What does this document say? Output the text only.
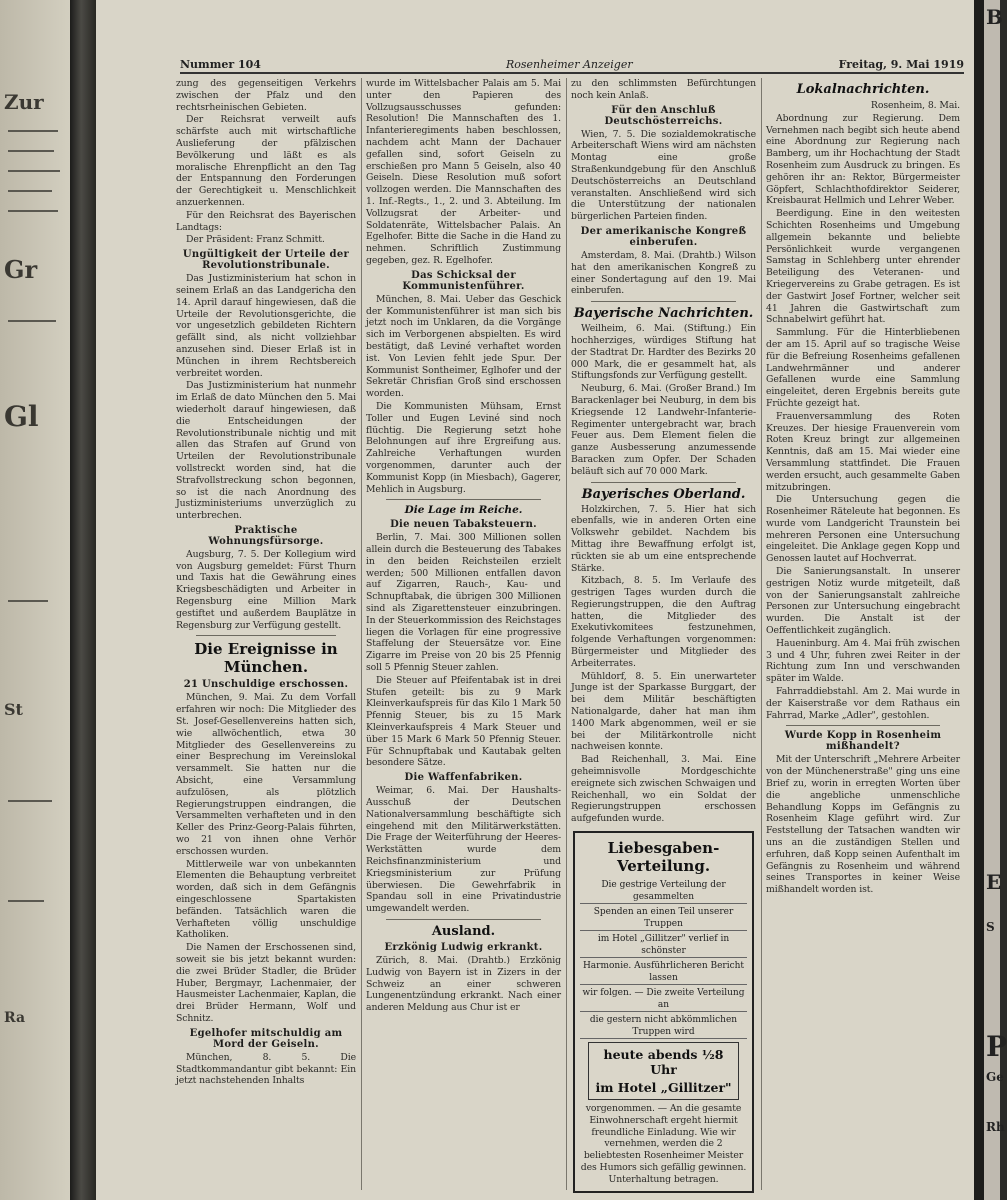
Zur
Gr
Gl
St
Ra
Nummer 104	Rosenheimer Anzeiger	Freitag, 9. Mai 1919

zung des gegenseitigen Verkehrs zwischen der Pfalz und den rechtsrheinischen Gebieten.

Der Reichsrat verweilt aufs schärfste auch mit wirtschaftliche Auslieferung der pfälzischen Bevölkerung und läßt es als moralische Ehrenpflicht an den Tag der Entspannung den Forderungen der Gerechtigkeit u. Menschlichkeit anzuerkennen.

Für den Reichsrat des Bayerischen Landtags:

Der Präsident: Franz Schmitt.

Ungültigkeit der Urteile der Revolutionstribunale.

Das Justizministerium hat schon in seinem Erlaß an das Landgericha den 14. April darauf hingewiesen, daß die Urteile der Revolutionsgerichte, die vor ungesetzlich gebildeten Richtern gefällt sind, als nicht vollziehbar anzusehen sind. Dieser Erlaß ist in München in ihrem Rechtsbereich verbreitet worden.

Das Justizministerium hat nunmehr im Erlaß de dato München den 5. Mai wiederholt darauf hingewiesen, daß die Entscheidungen der Revolutionstribunale nichtig und mit allen das Strafen auf Grund von Urteilen der Revolutionstribunale vollstreckt worden sind, hat die Strafvollstreckung schon begonnen, so ist die nach Anordnung des Justizministeriums unverzüglich zu unterbrechen.

Praktische Wohnungsfürsorge.

Augsburg, 7. 5. Der Kollegium wird von Augsburg gemeldet: Fürst Thurn und Taxis hat die Gewährung eines Kriegsbeschädigten und Arbeiter in Regensburg eine Million Mark gestiftet und außerdem Bauplätze in Regensburg zur Verfügung gestellt.

Die Ereignisse in München.
21 Unschuldige erschossen.

München, 9. Mai. Zu dem Vorfall erfahren wir noch: Die Mitglieder des St. Josef-Gesellenvereins hatten sich, wie allwöchentlich, etwa 30 Mitglieder des Gesellenvereins zu einer Besprechung im Vereinslokal versammelt. Sie hatten nur die Absicht, eine Versammlung aufzulösen, als plötzlich Regierungstruppen eindrangen, die Versammelten verhafteten und in den Keller des Prinz-Georg-Palais führten, wo 21 von ihnen ohne Verhör erschossen wurden.

Mittlerweile war von unbekannten Elementen die Behauptung verbreitet worden, daß sich in dem Gefängnis eingeschlossene Spartakisten befänden. Tatsächlich waren die Verhafteten völlig unschuldige Katholiken.

Die Namen der Erschossenen sind, soweit sie bis jetzt bekannt wurden: die zwei Brüder Stadler, die Brüder Huber, Bergmayr, Lachenmaier, der Hausmeister Lachenmaier, Kaplan, die drei Brüder Hermann, Wolf und Schnitz.

Egelhofer mitschuldig am Mord der Geiseln.

München, 8. 5. Die Stadtkommandantur gibt bekannt: Ein jetzt nachstehenden Inhalts

wurde im Wittelsbacher Palais am 5. Mai unter den Papieren des Vollzugsausschusses gefunden: Resolution! Die Mannschaften des 1. Infanterieregiments haben beschlossen, nachdem acht Mann der Dachauer gefallen sind, sofort Geiseln zu erschießen pro Mann 5 Geiseln, also 40 Geiseln. Diese Resolution muß sofort vollzogen werden. Die Mannschaften des 1. Inf.-Regts., 1., 2. und 3. Abteilung. Im Vollzugsrat der Arbeiter- und Soldatenräte, Wittelsbacher Palais. An Egelhofer. Bitte die Sache in die Hand zu nehmen. Schriftlich Zustimmung gegeben, gez. R. Egelhofer.

Das Schicksal der Kommunistenführer.

München, 8. Mai. Ueber das Geschick der Kommunistenführer ist man sich bis jetzt noch im Unklaren, da die Vorgänge sich im Verborgenen abspielten. Es wird bestätigt, daß Leviné verhaftet worden ist. Von Levien fehlt jede Spur. Der Kommunist Sontheimer, Eglhofer und der Sekretär Chrisfian Groß sind erschossen worden.

Die Kommunisten Mühsam, Ernst Toller und Eugen Leviné sind noch flüchtig. Die Regierung setzt hohe Belohnungen auf ihre Ergreifung aus. Zahlreiche Verhaftungen wurden vorgenommen, darunter auch der Kommunist Kopp (in Miesbach), Gagerer, Mehlich in Augsburg.

Die Lage im Reiche.
Die neuen Tabaksteuern.

Berlin, 7. Mai. 300 Millionen sollen allein durch die Besteuerung des Tabakes in den beiden Reichsteilen erzielt werden; 500 Millionen entfallen davon auf Zigarren, Rauch-, Kau- und Schnupftabak, die übrigen 300 Millionen sind als Zigarettensteuer einzubringen. In der Steuerkommission des Reichstages liegen die Vorlagen für eine progressive Staffelung der Steuersätze vor. Eine Zigarre im Preise von 20 bis 25 Pfennig soll 5 Pfennig Steuer zahlen.

Die Steuer auf Pfeifentabak ist in drei Stufen geteilt: bis zu 9 Mark Kleinverkaufspreis für das Kilo 1 Mark 50 Pfennig Steuer, bis zu 15 Mark Kleinverkaufspreis 4 Mark Steuer und über 15 Mark 6 Mark 50 Pfennig Steuer. Für Schnupftabak und Kautabak gelten besondere Sätze.

Die Waffenfabriken.

Weimar, 6. Mai. Der Haushalts-Ausschuß der Deutschen Nationalversammlung beschäftigte sich eingehend mit den Militärwerkstätten. Die Frage der Weiterführung der Heeres-Werkstätten wurde dem Reichsfinanzministerium und Kriegsministerium zur Prüfung überwiesen. Die Gewehrfabrik in Spandau soll in eine Privatindustrie umgewandelt werden.

Ausland.
Erzkönig Ludwig erkrankt.

Zürich, 8. Mai. (Drahtb.) Erzkönig Ludwig von Bayern ist in Zizers in der Schweiz an einer schweren Lungenentzündung erkrankt. Nach einer anderen Meldung aus Chur ist er

zu den schlimmsten Befürchtungen noch kein Anlaß.

Für den Anschluß Deutschösterreichs.

Wien, 7. 5. Die sozialdemokratische Arbeiterschaft Wiens wird am nächsten Montag eine große Straßenkundgebung für den Anschluß Deutschösterreichs an Deutschland veranstalten. Anschließend wird sich die Unterstützung der nationalen bürgerlichen Parteien finden.

Der amerikanische Kongreß einberufen.

Amsterdam, 8. Mai. (Drahtb.) Wilson hat den amerikanischen Kongreß zu einer Sondertagung auf den 19. Mai einberufen.

Bayerische Nachrichten.

Weilheim, 6. Mai. (Stiftung.) Ein hochherziges, würdiges Stiftung hat der Stadtrat Dr. Hardter des Bezirks 20 000 Mark, die er gesammelt hat, als Stiftungsfonds zur Verfügung gestellt.

Neuburg, 6. Mai. (Großer Brand.) Im Barackenlager bei Neuburg, in dem bis Kriegsende 12 Landwehr-Infanterie-Regimenter untergebracht war, brach Feuer aus. Dem Element fielen die ganze Ausbesserung anzumessende Baracken zum Opfer. Der Schaden beläuft sich auf 70 000 Mark.

Bayerisches Oberland.

Holzkirchen, 7. 5. Hier hat sich ebenfalls, wie in anderen Orten eine Volkswehr gebildet. Nachdem bis Mittag ihre Bewaffnung erfolgt ist, rückten sie ab um eine entsprechende Stärke.

Kitzbach, 8. 5. Im Verlaufe des gestrigen Tages wurden durch die Regierungstruppen, die den Auftrag hatten, die Mitglieder des Exekutivkomitees festzunehmen, folgende Verhaftungen vorgenommen: Bürgermeister und Mitglieder des Arbeiterrates.

Mühldorf, 8. 5. Ein unerwarteter Junge ist der Sparkasse Burggart, der bei dem Militär beschäftigten Nationalgarde, daher hat man ihm 1400 Mark abgenommen, weil er sie bei der Militärkontrolle nicht nachweisen konnte.

Bad Reichenhall, 3. Mai. Eine geheimnisvolle Mordgeschichte ereignete sich zwischen Schwaigen und Reichenhall, wo ein Soldat der Regierungstruppen erschossen aufgefunden wurde.

Liebesgaben-Verteilung.
Die gestrige Verteilung der gesammelten
Spenden an einen Teil unserer Truppen
im Hotel „Gillitzer" verlief in schönster
Harmonie. Ausführlicheren Bericht lassen
wir folgen. — Die zweite Verteilung an
die gestern nicht abkömmlichen Truppen wird
heute abends ½8 Uhr
im Hotel „Gillitzer"

vorgenommen. — An die gesamte Einwohnerschaft ergeht hiermit freundliche Einladung. Wie wir vernehmen, werden die 2 beliebtesten Rosenheimer Meister des Humors sich gefällig gewinnen. Unterhaltung betragen.

Lokalnachrichten.
Rosenheim, 8. Mai.

Abordnung zur Regierung. Dem Vernehmen nach begibt sich heute abend eine Abordnung zur Regierung nach Bamberg, um ihr Hochachtung der Stadt Rosenheim zum Ausdruck zu bringen. Es gehören ihr an: Rektor, Bürgermeister Göpfert, Schlachthofdirektor Seiderer, Kreisbaurat Hellmich und Lehrer Weber.

Beerdigung. Eine in den weitesten Schichten Rosenheims und Umgebung allgemein bekannte und beliebte Persönlichkeit wurde vergangenen Samstag in Schlehberg unter ehrender Beteiligung des Veteranen- und Kriegervereins zu Grabe getragen. Es ist der Gastwirt Josef Fortner, welcher seit 41 Jahren die Gastwirtschaft zum Schnabelwirt geführt hat.

Sammlung. Für die Hinterbliebenen der am 15. April auf so tragische Weise für die Befreiung Rosenheims gefallenen Landwehrmänner und anderer Gefallenen wurde eine Sammlung eingeleitet, deren Ergebnis bereits gute Früchte gezeigt hat.

Frauenversammlung des Roten Kreuzes. Der hiesige Frauenverein vom Roten Kreuz bringt zur allgemeinen Kenntnis, daß am 15. Mai wieder eine Versammlung stattfindet. Die Frauen werden ersucht, auch gesammelte Gaben mitzubringen.

Die Untersuchung gegen die Rosenheimer Räteleute hat begonnen. Es wurde vom Landgericht Traunstein bei mehreren Personen eine Untersuchung eingeleitet. Die Anklage gegen Kopp und Genossen lautet auf Hochverrat.

Die Sanierungsanstalt. In unserer gestrigen Notiz wurde mitgeteilt, daß von der Sanierungsanstalt zahlreiche Personen zur Untersuchung eingebracht wurden. Die Anstalt ist der Oeffentlichkeit zugänglich.

Haueninburg. Am 4. Mai früh zwischen 3 und 4 Uhr, fuhren zwei Reiter in der Richtung zum Inn und verschwanden später im Walde.

Fahrraddiebstahl. Am 2. Mai wurde in der Kaiserstraße vor dem Rathaus ein Fahrrad, Marke „Adler", gestohlen.

Wurde Kopp in Rosenheim mißhandelt?

Mit der Unterschrift „Mehrere Arbeiter von der Münchenerstraße" ging uns eine Brief zu, worin in erregten Worten über die angebliche unmenschliche Behandlung Kopps im Gefängnis zu Rosenheim Klage geführt wird. Zur Feststellung der Tatsachen wandten wir uns an die zuständigen Stellen und erfuhren, daß Kopp seinen Aufenthalt im Gefängnis zu Rosenheim und während seines Transportes in keiner Weise mißhandelt worden ist.

B
E
S
P
Ge
Rh
